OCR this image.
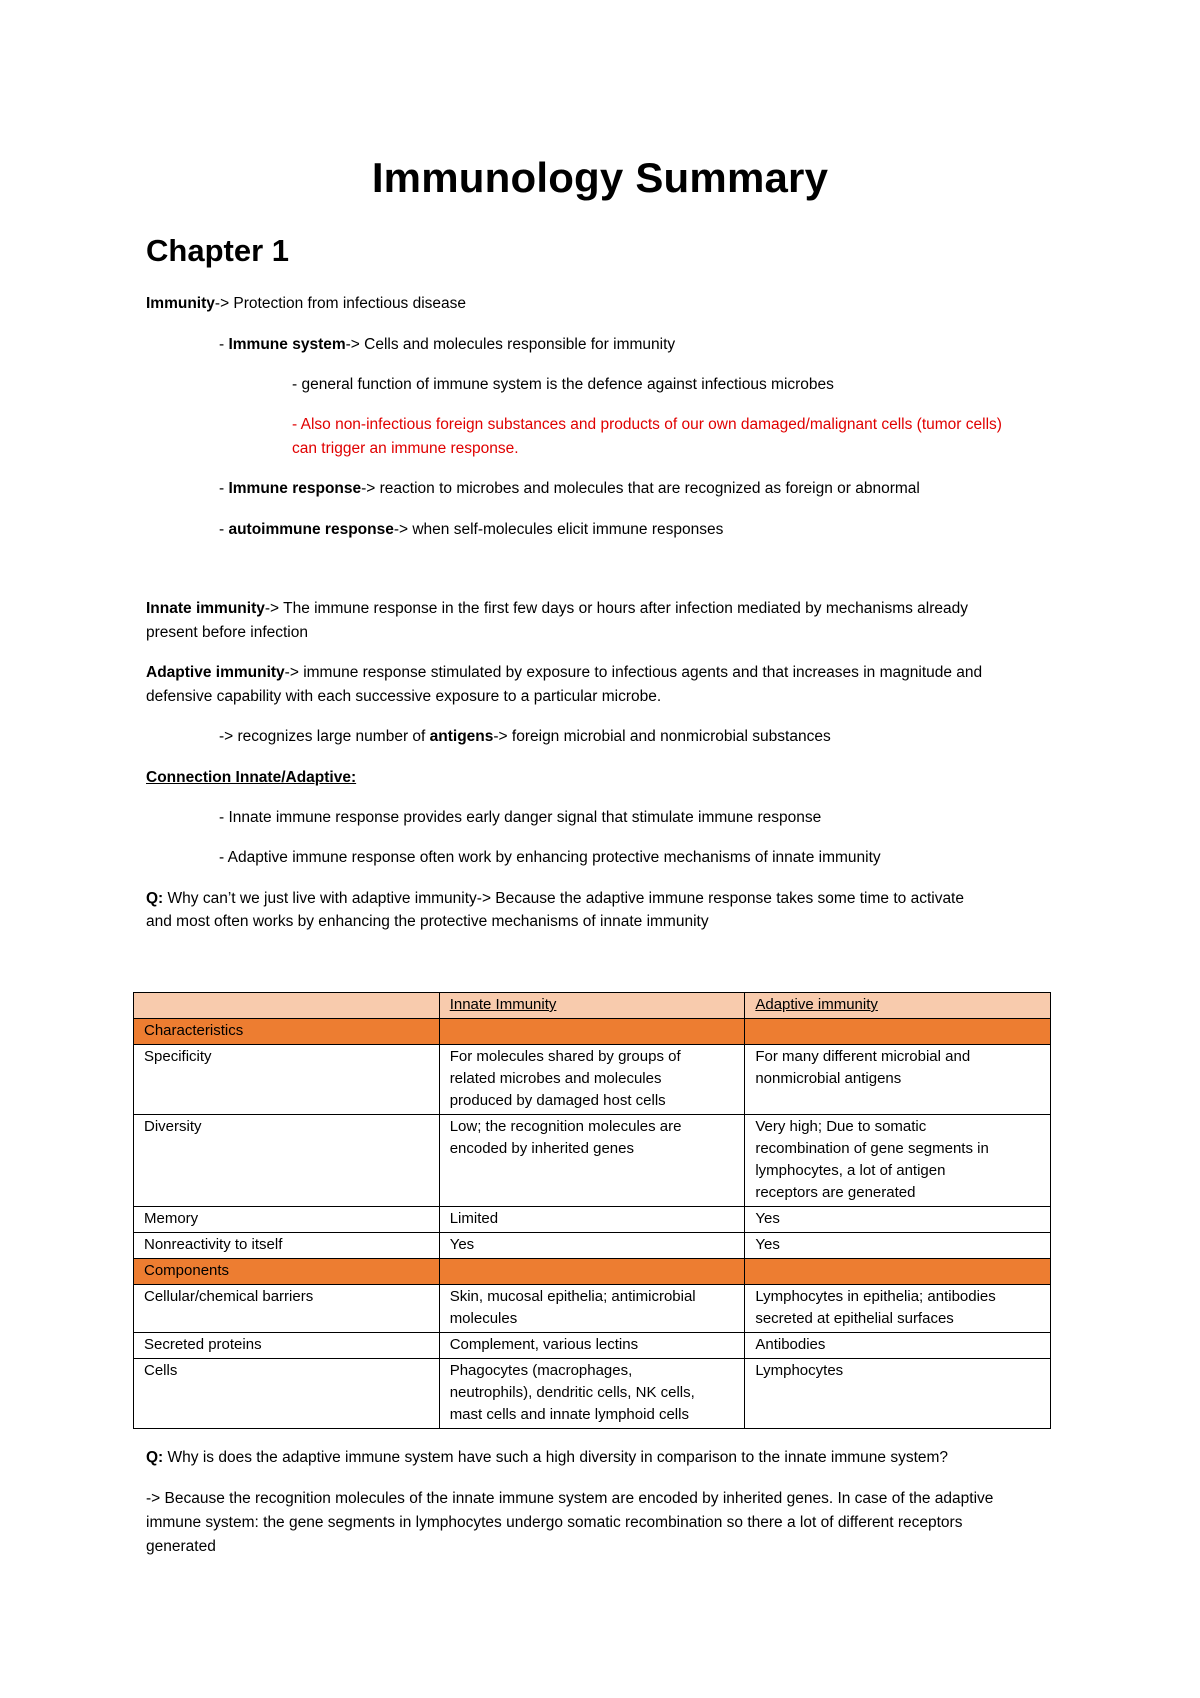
Immunology Summary
Chapter 1
Immunity-> Protection from infectious disease
- Immune system-> Cells and molecules responsible for immunity
- general function of immune system is the defence against infectious microbes
- Also non-infectious foreign substances and products of our own damaged/malignant cells (tumor cells)
can trigger an immune response.
- Immune response-> reaction to microbes and molecules that are recognized as foreign or abnormal
- autoimmune response-> when self-molecules elicit immune responses
Innate immunity-> The immune response in the first few days or hours after infection mediated by mechanisms already
present before infection
Adaptive immunity-> immune response stimulated by exposure to infectious agents and that increases in magnitude and
defensive capability with each successive exposure to a particular microbe.
-> recognizes large number of antigens-> foreign microbial and nonmicrobial substances
Connection Innate/Adaptive:
- Innate immune response provides early danger signal that stimulate immune response
- Adaptive immune response often work by enhancing protective mechanisms of innate immunity
Q: Why can’t we just live with adaptive immunity-> Because the adaptive immune response takes some time to activate
and most often works by enhancing the protective mechanisms of innate immunity
	Innate Immunity	Adaptive immunity
Characteristics		
Specificity	For molecules shared by groups of
related microbes and molecules
produced by damaged host cells	For many different microbial and
nonmicrobial antigens
Diversity	Low; the recognition molecules are
encoded by inherited genes	Very high; Due to somatic
recombination of gene segments in
lymphocytes, a lot of antigen
receptors are generated
Memory	Limited	Yes
Nonreactivity to itself	Yes	Yes
Components		
Cellular/chemical barriers	Skin, mucosal epithelia; antimicrobial
molecules	Lymphocytes in epithelia; antibodies
secreted at epithelial surfaces
Secreted proteins	Complement, various lectins	Antibodies
Cells	Phagocytes (macrophages,
neutrophils), dendritic cells, NK cells,
mast cells and innate lymphoid cells	Lymphocytes
Q: Why is does the adaptive immune system have such a high diversity in comparison to the innate immune system?
-> Because the recognition molecules of the innate immune system are encoded by inherited genes. In case of the adaptive
immune system: the gene segments in lymphocytes undergo somatic recombination so there a lot of different receptors
generated
